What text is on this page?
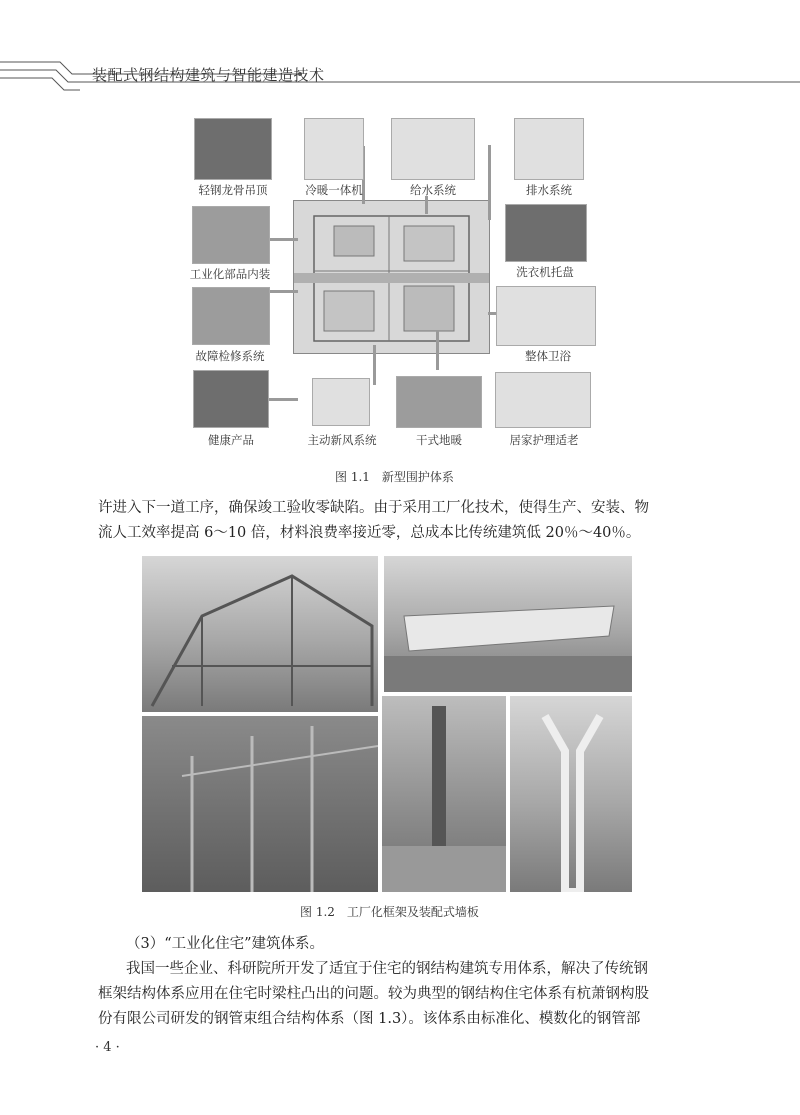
装配式钢结构建筑与智能建造技术
轻钢龙骨吊顶	冷暖一体机	给水系统	排水系统
工业化部品内装	洗衣机托盘
故障检修系统	整体卫浴
健康产品	主动新风系统	干式地暖	居家护理适老
图 1.1　新型围护体系
许进入下一道工序，确保竣工验收零缺陷。由于采用工厂化技术，使得生产、安装、物
流人工效率提高 6～10 倍，材料浪费率接近零，总成本比传统建筑低 20％～40％。
图 1.2　工厂化框架及装配式墙板
（3）“工业化住宅”建筑体系。
我国一些企业、科研院所开发了适宜于住宅的钢结构建筑专用体系，解决了传统钢
框架结构体系应用在住宅时梁柱凸出的问题。较为典型的钢结构住宅体系有杭萧钢构股
份有限公司研发的钢管束组合结构体系（图 1.3）。该体系由标准化、模数化的钢管部
· 4 ·
